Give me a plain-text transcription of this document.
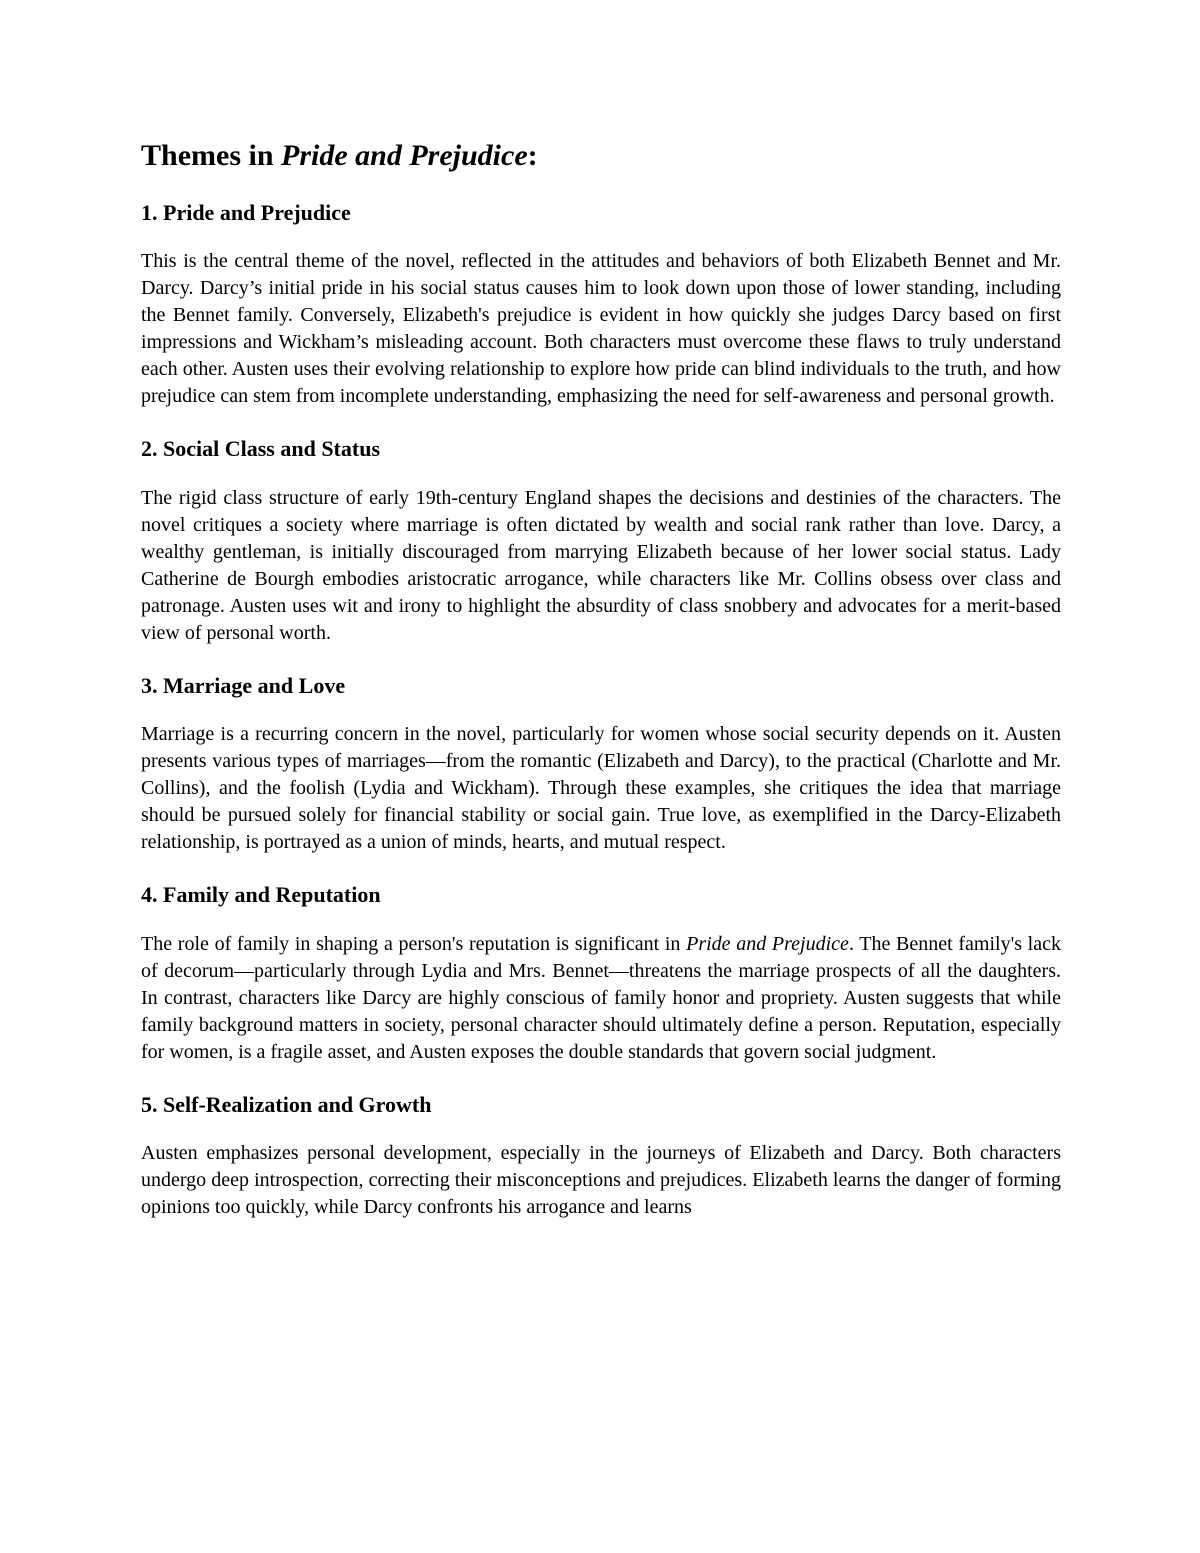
Themes in Pride and Prejudice:
1. Pride and Prejudice

This is the central theme of the novel, reflected in the attitudes and behaviors of both Elizabeth Bennet and Mr. Darcy. Darcy’s initial pride in his social status causes him to look down upon those of lower standing, including the Bennet family. Conversely, Elizabeth's prejudice is evident in how quickly she judges Darcy based on first impressions and Wickham’s misleading account. Both characters must overcome these flaws to truly understand each other. Austen uses their evolving relationship to explore how pride can blind individuals to the truth, and how prejudice can stem from incomplete understanding, emphasizing the need for self-awareness and personal growth.

2. Social Class and Status

The rigid class structure of early 19th-century England shapes the decisions and destinies of the characters. The novel critiques a society where marriage is often dictated by wealth and social rank rather than love. Darcy, a wealthy gentleman, is initially discouraged from marrying Elizabeth because of her lower social status. Lady Catherine de Bourgh embodies aristocratic arrogance, while characters like Mr. Collins obsess over class and patronage. Austen uses wit and irony to highlight the absurdity of class snobbery and advocates for a merit-based view of personal worth.

3. Marriage and Love

Marriage is a recurring concern in the novel, particularly for women whose social security depends on it. Austen presents various types of marriages—from the romantic (Elizabeth and Darcy), to the practical (Charlotte and Mr. Collins), and the foolish (Lydia and Wickham). Through these examples, she critiques the idea that marriage should be pursued solely for financial stability or social gain. True love, as exemplified in the Darcy-Elizabeth relationship, is portrayed as a union of minds, hearts, and mutual respect.

4. Family and Reputation

The role of family in shaping a person's reputation is significant in Pride and Prejudice. The Bennet family's lack of decorum—particularly through Lydia and Mrs. Bennet—threatens the marriage prospects of all the daughters. In contrast, characters like Darcy are highly conscious of family honor and propriety. Austen suggests that while family background matters in society, personal character should ultimately define a person. Reputation, especially for women, is a fragile asset, and Austen exposes the double standards that govern social judgment.

5. Self-Realization and Growth

Austen emphasizes personal development, especially in the journeys of Elizabeth and Darcy. Both characters undergo deep introspection, correcting their misconceptions and prejudices. Elizabeth learns the danger of forming opinions too quickly, while Darcy confronts his arrogance and learns
